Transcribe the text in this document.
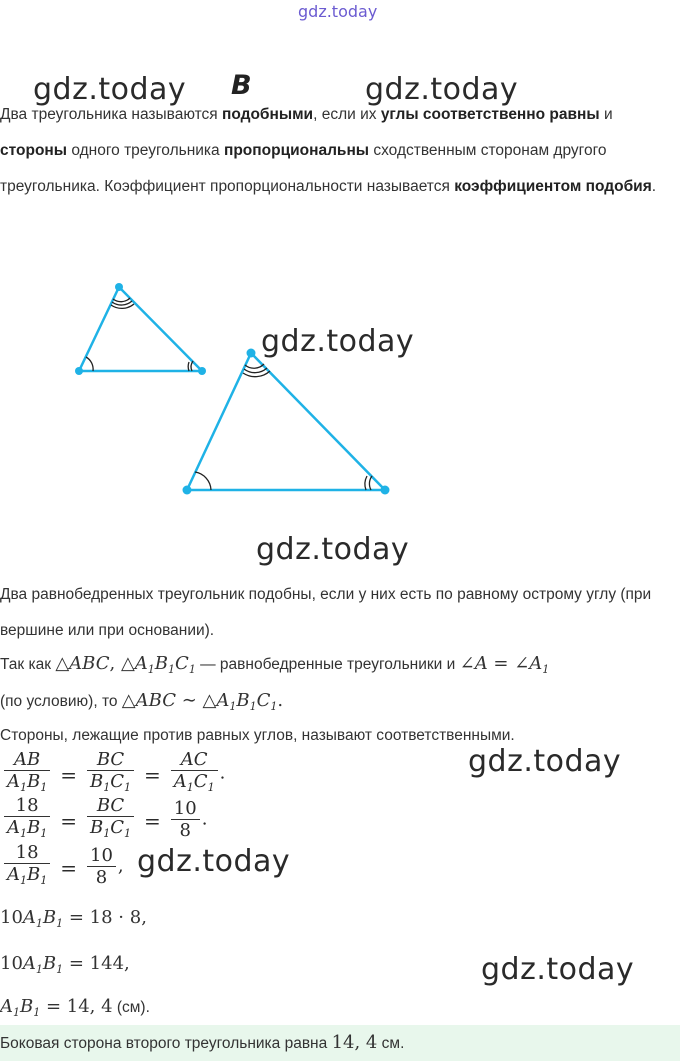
gdz.today
gdz.today В	gdz.today
Два треугольника называются подобными, если их углы соответственно равны и стороны одного треугольника пропорциональны сходственным сторонам другого треугольника. Коэффициент пропорциональности называется коэффициентом подобия.
gdz.today
gdz.today
Два равнобедренных треугольник подобны, если у них есть по равному острому углу (при вершине или при основании).
Так как △ABC, $\triangle A_1B_1C_1$ — равнобедренные треугольники и ∠A = $\angle A_1$
(по условию), то △ABC ∼ $\triangle A_1B_1C_1$.
Стороны, лежащие против равных углов, называют соответственными.
$\frac{AB}{A_1B_1} = \frac{BC}{B_1C_1} = \frac{AC}{A_1C_1}$ .	gdz.today
$\frac{18}{A_1B_1} = \frac{BC}{B_1C_1} = \frac{10}{8}$ .
$\frac{18}{A_1B_1} = \frac{10}{8}$ , gdz.today
$10A_1B_1 = 18 \cdot 8$,
$10A_1B_1 = 144$,	gdz.today
$A_1B_1 = 14$, 4 (см).
Боковая сторона второго треугольника равна 14, 4 см.
